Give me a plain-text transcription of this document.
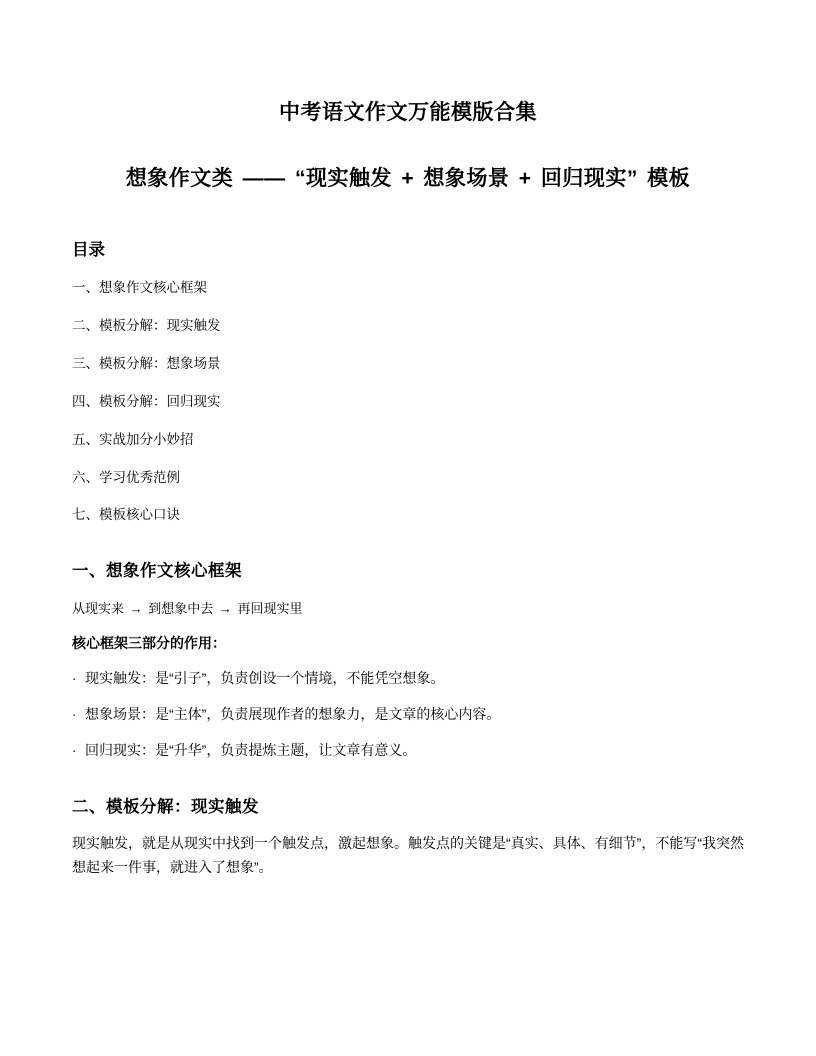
中考语文作文万能模版合集
想象作文类 —— “现实触发 + 想象场景 + 回归现实” 模板
目录
一、想象作文核心框架
二、模板分解：现实触发
三、模板分解：想象场景
四、模板分解：回归现实
五、实战加分小妙招
六、学习优秀范例
七、模板核心口诀
一、想象作文核心框架

从现实来 → 到想象中去 → 再回现实里

核心框架三部分的作用：

· 现实触发：是“引子”，负责创设一个情境，不能凭空想象。

· 想象场景：是“主体”，负责展现作者的想象力，是文章的核心内容。

· 回归现实：是“升华”，负责提炼主题，让文章有意义。

二、模板分解：现实触发

现实触发，就是从现实中找到一个触发点，激起想象。触发点的关键是“真实、具体、有细节”，不能写“我突然想起来一件事，就进入了想象”。
